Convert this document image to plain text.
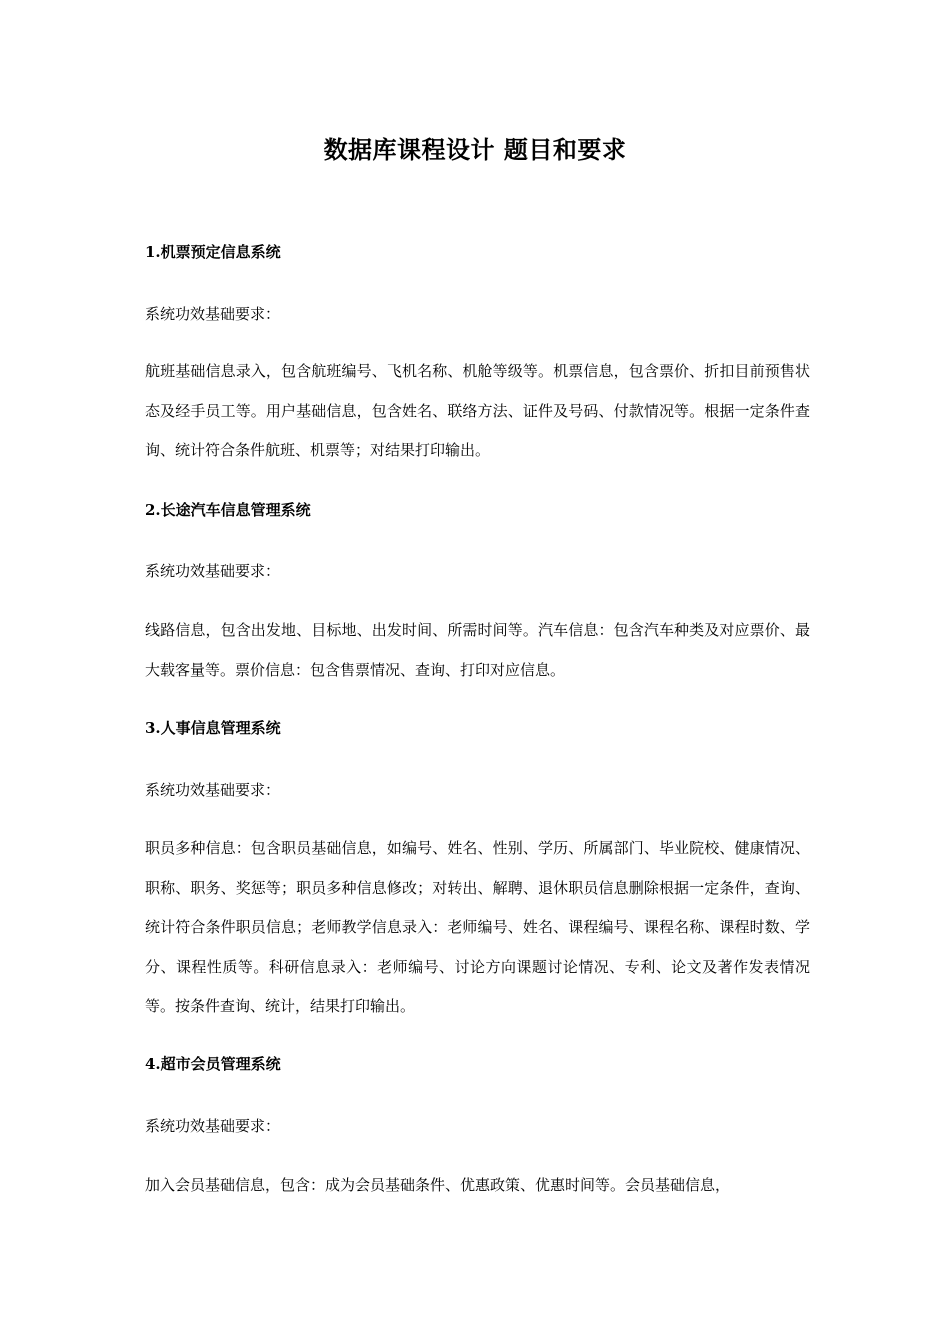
数据库课程设计 题目和要求
1.机票预定信息系统
系统功效基础要求：
航班基础信息录入，包含航班编号、飞机名称、机舱等级等。机票信息，包含票价、折扣目前预售状态及经手员工等。用户基础信息，包含姓名、联络方法、证件及号码、付款情况等。根据一定条件查询、统计符合条件航班、机票等；对结果打印输出。
2.长途汽车信息管理系统
系统功效基础要求：
线路信息，包含出发地、目标地、出发时间、所需时间等。汽车信息：包含汽车种类及对应票价、最大载客量等。票价信息：包含售票情况、查询、打印对应信息。
3.人事信息管理系统
系统功效基础要求：
职员多种信息：包含职员基础信息，如编号、姓名、性别、学历、所属部门、毕业院校、健康情况、职称、职务、奖惩等；职员多种信息修改；对转出、解聘、退休职员信息删除根据一定条件，查询、统计符合条件职员信息；老师教学信息录入：老师编号、姓名、课程编号、课程名称、课程时数、学分、课程性质等。科研信息录入：老师编号、讨论方向课题讨论情况、专利、论文及著作发表情况等。按条件查询、统计，结果打印输出。
4.超市会员管理系统
系统功效基础要求：
加入会员基础信息，包含：成为会员基础条件、优惠政策、优惠时间等。会员基础信息，
